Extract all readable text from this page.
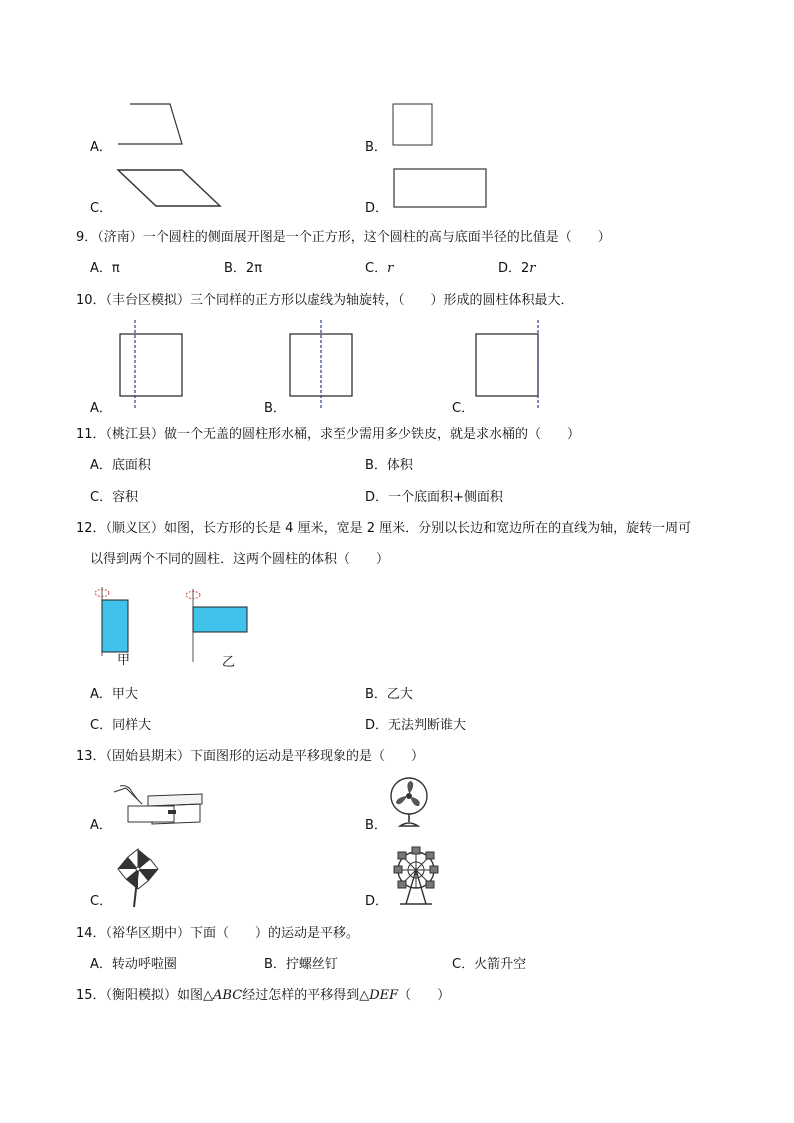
A．	B．
C．	D．
9．（济南）一个圆柱的侧面展开图是一个正方形，这个圆柱的高与底面半径的比值是（　　）
A．π	B．2π	C．r	D．2r
10．（丰台区模拟）三个同样的正方形以虚线为轴旋转，（　　）形成的圆柱体积最大．
A．	B．	C．
11．（桃江县）做一个无盖的圆柱形水桶，求至少需用多少铁皮，就是求水桶的（　　）
A．底面积	B．体积
C．容积	D．一个底面积+侧面积
12．（顺义区）如图，长方形的长是 4 厘米，宽是 2 厘米．分别以长边和宽边所在的直线为轴，旋转一周可
以得到两个不同的圆柱．这两个圆柱的体积（　　）
甲	乙
A．甲大	B．乙大
C．同样大	D．无法判断谁大
13．（固始县期末）下面图形的运动是平移现象的是（　　）
A．	B．
C．	D．
14．（裕华区期中）下面（　　）的运动是平移。
A．转动呼啦圈	B．拧螺丝钉	C．火箭升空
15．（衡阳模拟）如图△ABC经过怎样的平移得到△DEF（　　）
